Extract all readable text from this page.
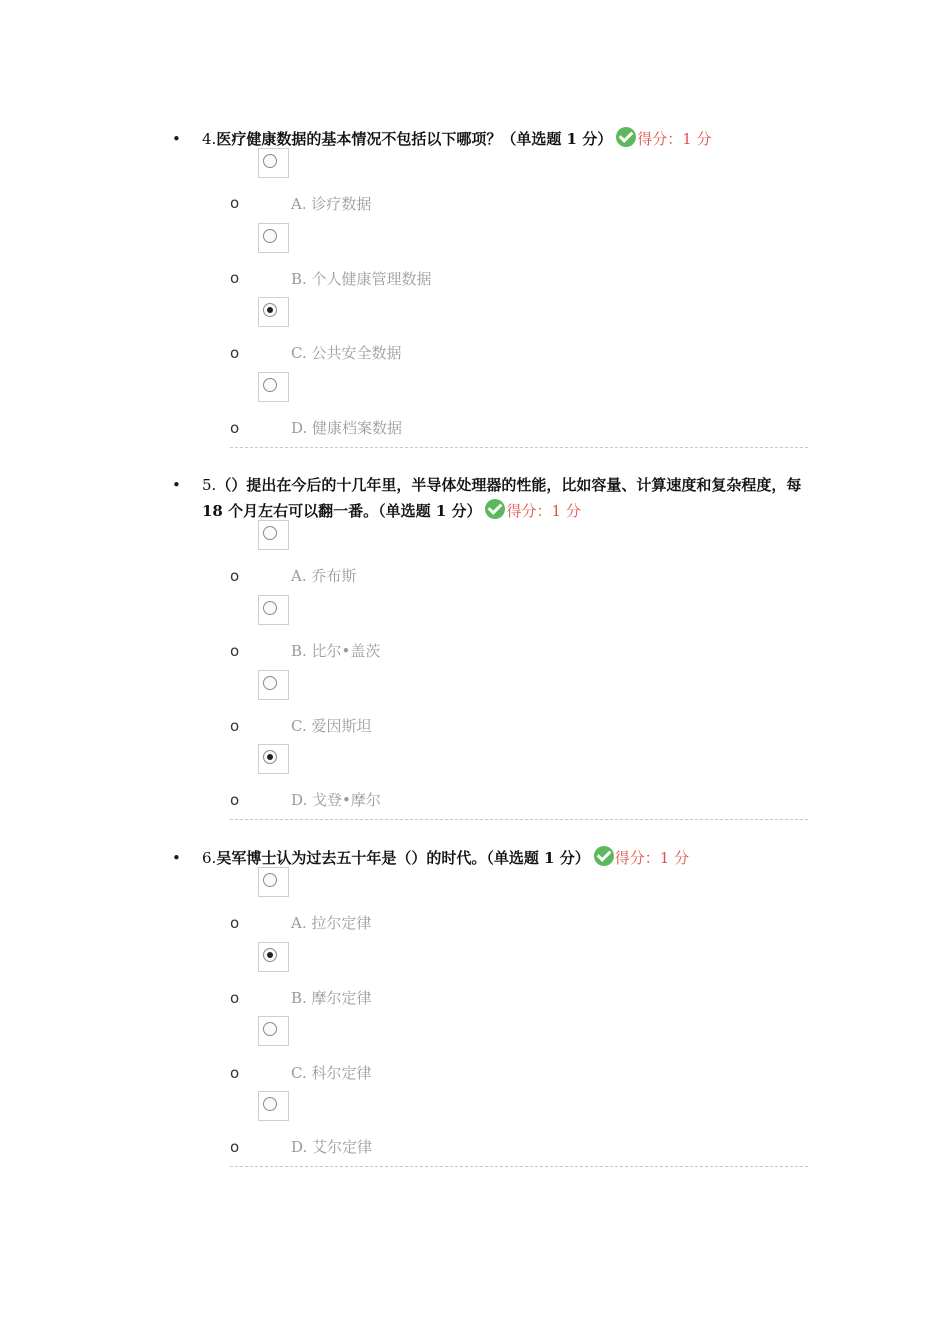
• 4.医疗健康数据的基本情况不包括以下哪项？（单选题 1 分） 得分：1 分
o	A. 诊疗数据
o	B. 个人健康管理数据
o	C. 公共安全数据
o	D. 健康档案数据
• 5.（）提出在今后的十几年里，半导体处理器的性能，比如容量、计算速度和复杂程度，每 18 个月左右可以翻一番。（单选题 1 分） 得分：1 分
o	A. 乔布斯
o	B. 比尔•盖茨
o	C. 爱因斯坦
o	D. 戈登•摩尔
• 6.吴军博士认为过去五十年是（）的时代。（单选题 1 分） 得分：1 分
o	A. 拉尔定律
o	B. 摩尔定律
o	C. 科尔定律
o	D. 艾尔定律
